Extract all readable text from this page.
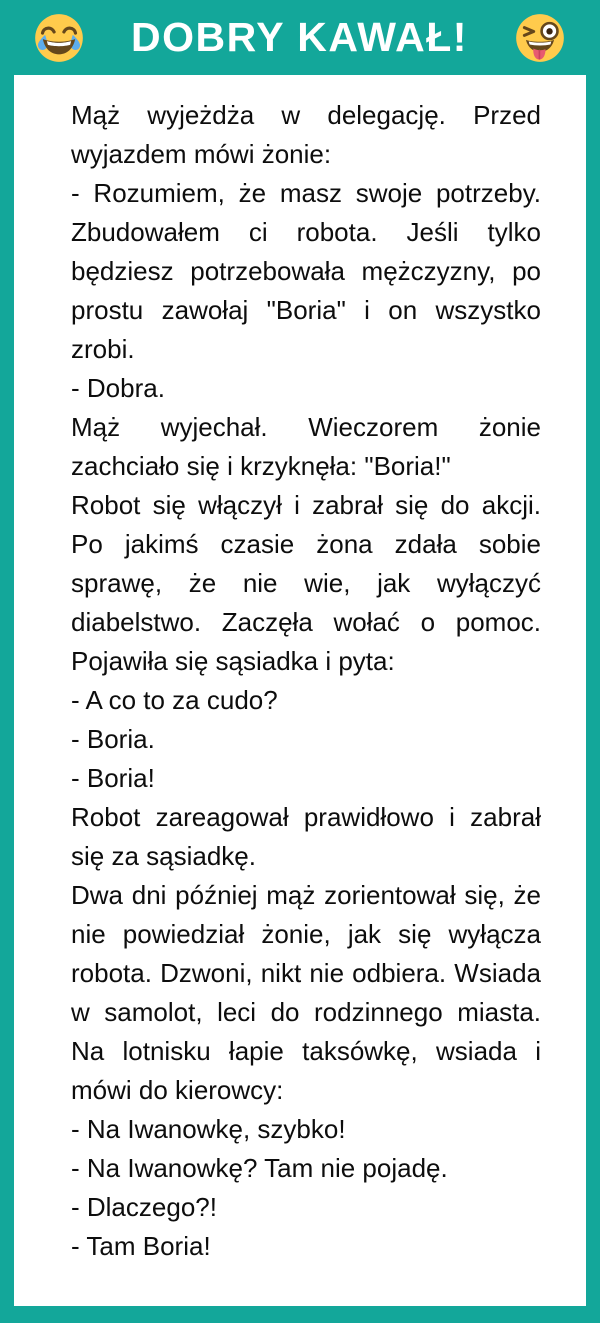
DOBRY KAWAŁ!

Mąż wyjeżdża w delegację. Przed wyjazdem mówi żonie:

- Rozumiem, że masz swoje potrzeby. Zbudowałem ci robota. Jeśli tylko będziesz potrzebowała mężczyzny, po prostu zawołaj "Boria" i on wszystko zrobi.

- Dobra.

Mąż wyjechał. Wieczorem żonie zachciało się i krzyknęła: "Boria!"

Robot się włączył i zabrał się do akcji. Po jakimś czasie żona zdała sobie sprawę, że nie wie, jak wyłączyć diabelstwo. Zaczęła wołać o pomoc. Pojawiła się sąsiadka i pyta:

- A co to za cudo?

- Boria.

- Boria!

Robot zareagował prawidłowo i zabrał się za sąsiadkę.

Dwa dni później mąż zorientował się, że nie powiedział żonie, jak się wyłącza robota. Dzwoni, nikt nie odbiera. Wsiada w samolot, leci do rodzinnego miasta. Na lotnisku łapie taksówkę, wsiada i mówi do kierowcy:

- Na Iwanowkę, szybko!

- Na Iwanowkę? Tam nie pojadę.

- Dlaczego?!

- Tam Boria!
